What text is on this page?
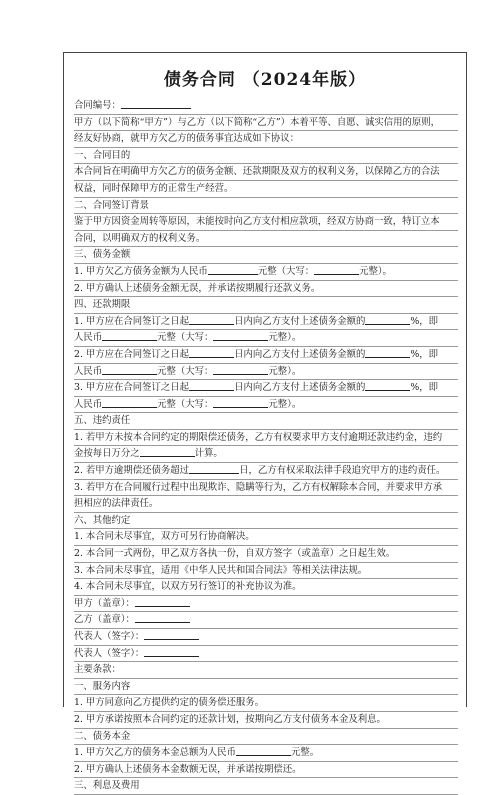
债务合同 （2024年版）
合同编号：
甲方（以下简称“甲方”）与乙方（以下简称“乙方”）本着平等、自愿、诚实信用的原则，
经友好协商，就甲方欠乙方的债务事宜达成如下协议：
一、合同目的
本合同旨在明确甲方欠乙方的债务金额、还款期限及双方的权利义务，以保障乙方的合法
权益，同时保障甲方的正常生产经营。
二、合同签订背景
鉴于甲方因资金周转等原因，未能按时向乙方支付相应款项，经双方协商一致，特订立本
合同，以明确双方的权利义务。
三、债务金额
1. 甲方欠乙方债务金额为人民币	元整（大写：	元整）。
2. 甲方确认上述债务金额无误，并承诺按期履行还款义务。
四、还款期限
1. 甲方应在合同签订之日起	日内向乙方支付上述债务金额的	%，即
人民币	元整（大写：	元整）。
2. 甲方应在合同签订之日起	日内向乙方支付上述债务金额的	%，即
人民币	元整（大写：	元整）。
3. 甲方应在合同签订之日起	日内向乙方支付上述债务金额的	%，即
人民币	元整（大写：	元整）。
五、违约责任
1. 若甲方未按本合同约定的期限偿还债务，乙方有权要求甲方支付逾期还款违约金，违约
金按每日万分之	计算。
2. 若甲方逾期偿还债务超过	日，乙方有权采取法律手段追究甲方的违约责任。
3. 若甲方在合同履行过程中出现欺诈、隐瞒等行为，乙方有权解除本合同，并要求甲方承
担相应的法律责任。
六、其他约定
1. 本合同未尽事宜，双方可另行协商解决。
2. 本合同一式两份，甲乙双方各执一份，自双方签字（或盖章）之日起生效。
3. 本合同未尽事宜，适用《中华人民共和国合同法》等相关法律法规。
4. 本合同未尽事宜，以双方另行签订的补充协议为准。
甲方（盖章）：
乙方（盖章）：
代表人（签字）：
代表人（签字）：
主要条款：
一、服务内容
1. 甲方同意向乙方提供约定的债务偿还服务。
2. 甲方承诺按照本合同约定的还款计划，按期向乙方支付债务本金及利息。
二、债务本金
1. 甲方欠乙方的债务本金总额为人民币	元整。
2. 甲方确认上述债务本金数额无误，并承诺按期偿还。
三、利息及费用
